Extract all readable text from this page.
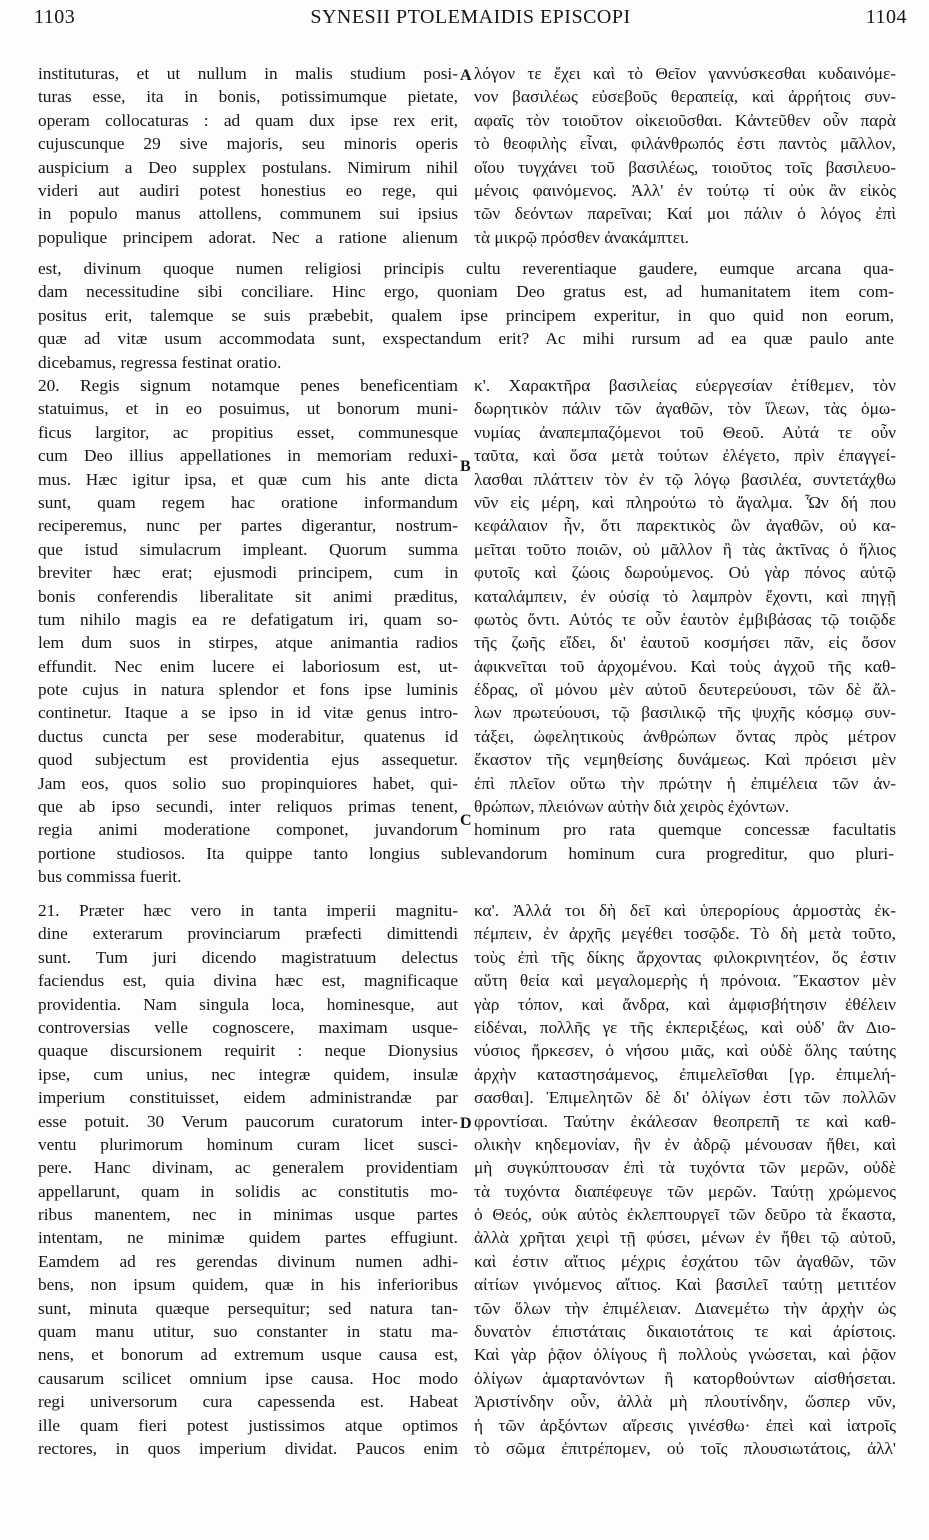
1103	SYNESII PTOLEMAIDIS EPISCOPI	1104
A
B
C
D
instituturas, et ut nullum in malis studium posi-
turas esse, ita in bonis, potissimumque pietate,
operam collocaturas : ad quam dux ipse rex erit,
cujuscunque 29 sive majoris, seu minoris operis
auspicium a Deo supplex postulans. Nimirum nihil
videri aut audiri potest honestius eo rege, qui
in populo manus attollens, communem sui ipsius
populique principem adorat. Nec a ratione alienum
λόγον τε ἔχει καὶ τὸ Θεῖον γαννύσκεσθαι κυδαινόμε-
νον βασιλέως εὐσεβοῦς θεραπείᾳ, καὶ ἀρρήτοις συν-
αφαῖς τὸν τοιοῦτον οἰκειοῦσθαι. Κἀντεῦθεν οὖν παρὰ
τὸ θεοφιλὴς εἶναι, φιλάνθρωπός ἐστι παντὸς μᾶλλον,
οἵου τυγχάνει τοῦ βασιλέως, τοιοῦτος τοῖς βασιλευο-
μένοις φαινόμενος. Ἀλλ' ἐν τούτῳ τί οὐκ ἂν εἰκὸς
τῶν δεόντων παρεῖναι; Καί μοι πάλιν ὁ λόγος ἐπὶ
τὰ μικρῷ πρόσθεν ἀνακάμπτει.
est, divinum quoque numen religiosi principis cultu reverentiaque gaudere, eumque arcana qua-
dam necessitudine sibi conciliare. Hinc ergo, quoniam Deo gratus est, ad humanitatem item com-
positus erit, talemque se suis præbebit, qualem ipse principem experitur, in quo quid non eorum,
quæ ad vitæ usum accommodata sunt, exspectandum erit? Ac mihi rursum ad ea quæ paulo ante
dicebamus, regressa festinat oratio.
20. Regis signum notamque penes beneficentiam
statuimus, et in eo posuimus, ut bonorum muni-
ficus largitor, ac propitius esset, communesque
cum Deo illius appellationes in memoriam reduxi-
mus. Hæc igitur ipsa, et quæ cum his ante dicta
sunt, quam regem hac oratione informandum
reciperemus, nunc per partes digerantur, nostrum-
que istud simulacrum impleant. Quorum summa
breviter hæc erat; ejusmodi principem, cum in
bonis conferendis liberalitate sit animi præditus,
tum nihilo magis ea re defatigatum iri, quam so-
lem dum suos in stirpes, atque animantia radios
effundit. Nec enim lucere ei laboriosum est, ut-
pote cujus in natura splendor et fons ipse luminis
continetur. Itaque a se ipso in id vitæ genus intro-
ductus cuncta per sese moderabitur, quatenus id
quod subjectum est providentia ejus assequetur.
Jam eos, quos solio suo propinquiores habet, qui-
que ab ipso secundi, inter reliquos primas tenent,
regia animi moderatione componet, juvandorum
κ'. Χαρακτῆρα βασιλείας εὐεργεσίαν ἐτίθεμεν, τὸν
δωρητικὸν πάλιν τῶν ἀγαθῶν, τὸν ἵλεων, τὰς ὁμω-
νυμίας ἀναπεμπαζόμενοι τοῦ Θεοῦ. Αὐτά τε οὖν
ταῦτα, καὶ ὅσα μετὰ τούτων ἐλέγετο, πρὶν ἐπαγγεί-
λασθαι πλάττειν τὸν ἐν τῷ λόγῳ βασιλέα, συντετάχθω
νῦν εἰς μέρη, καὶ πληρούτω τὸ ἄγαλμα. Ὧν δή που
κεφάλαιον ἦν, ὅτι παρεκτικὸς ὢν ἀγαθῶν, οὐ κα-
μεῖται τοῦτο ποιῶν, οὐ μᾶλλον ἢ τὰς ἀκτῖνας ὁ ἥλιος
φυτοῖς καὶ ζώοις δωρούμενος. Οὐ γὰρ πόνος αὐτῷ
καταλάμπειν, ἐν οὐσίᾳ τὸ λαμπρὸν ἔχοντι, καὶ πηγῇ
φωτὸς ὄντι. Αὐτός τε οὖν ἑαυτὸν ἐμβιβάσας τῷ τοιῷδε
τῆς ζωῆς εἴδει, δι' ἑαυτοῦ κοσμήσει πᾶν, εἰς ὅσον
ἀφικνεῖται τοῦ ἀρχομένου. Καὶ τοὺς ἀγχοῦ τῆς καθ-
έδρας, οἳ μόνου μὲν αὐτοῦ δευτερεύουσι, τῶν δὲ ἄλ-
λων πρωτεύουσι, τῷ βασιλικῷ τῆς ψυχῆς κόσμῳ συν-
τάξει, ὠφελητικοὺς ἀνθρώπων ὄντας πρὸς μέτρον
ἕκαστον τῆς νεμηθείσης δυνάμεως. Καὶ πρόεισι μὲν
ἐπὶ πλεῖον οὕτω τὴν πρώτην ἡ ἐπιμέλεια τῶν ἀν-
θρώπων, πλειόνων αὐτὴν διὰ χειρὸς ἐχόντων.
hominum pro rata quemque concessæ facultatis
portione studiosos. Ita quippe tanto longius sublevandorum hominum cura progreditur, quo pluri-
bus commissa fuerit.
21. Præter hæc vero in tanta imperii magnitu-
dine exterarum provinciarum præfecti dimittendi
sunt. Tum juri dicendo magistratuum delectus
faciendus est, quia divina hæc est, magnificaque
providentia. Nam singula loca, hominesque, aut
controversias velle cognoscere, maximam usque-
quaque discursionem requirit : neque Dionysius
ipse, cum unius, nec integræ quidem, insulæ
imperium constituisset, eidem administrandæ par
esse potuit. 30 Verum paucorum curatorum inter-
ventu plurimorum hominum curam licet susci-
pere. Hanc divinam, ac generalem providentiam
appellarunt, quam in solidis ac constitutis mo-
ribus manentem, nec in minimas usque partes
intentam, ne minimæ quidem partes effugiunt.
Eamdem ad res gerendas divinum numen adhi-
bens, non ipsum quidem, quæ in his inferioribus
sunt, minuta quæque persequitur; sed natura tan-
quam manu utitur, suo constanter in statu ma-
nens, et bonorum ad extremum usque causa est,
causarum scilicet omnium ipse causa. Hoc modo
regi universorum cura capessenda est. Habeat
ille quam fieri potest justissimos atque optimos
rectores, in quos imperium dividat. Paucos enim
κα'. Ἀλλά τοι δὴ δεῖ καὶ ὑπερορίους ἁρμοστὰς ἐκ-
πέμπειν, ἐν ἀρχῆς μεγέθει τοσῷδε. Τὸ δὴ μετὰ τοῦτο,
τοὺς ἐπὶ τῆς δίκης ἄρχοντας φιλοκρινητέον, ὅς ἐστιν
αὕτη θεία καὶ μεγαλομερὴς ἡ πρόνοια. Ἕκαστον μὲν
γὰρ τόπον, καὶ ἄνδρα, καὶ ἀμφισβήτησιν ἐθέλειν
εἰδέναι, πολλῆς γε τῆς ἐκπεριξέως, καὶ οὐδ' ἂν Διο-
νύσιος ἤρκεσεν, ὁ νήσου μιᾶς, καὶ οὐδὲ ὅλης ταύτης
ἀρχὴν καταστησάμενος, ἐπιμελεῖσθαι [γρ. ἐπιμελή-
σασθαι]. Ἐπιμελητῶν δὲ δι' ὀλίγων ἐστι τῶν πολλῶν
φροντίσαι. Ταύτην ἐκάλεσαν θεοπρεπῆ τε καὶ καθ-
ολικὴν κηδεμονίαν, ἣν ἐν ἀδρῷ μένουσαν ἤθει, καὶ
μὴ συγκύπτουσαν ἐπὶ τὰ τυχόντα τῶν μερῶν, οὐδὲ
τὰ τυχόντα διαπέφευγε τῶν μερῶν. Ταύτῃ χρώμενος
ὁ Θεός, οὐκ αὐτὸς ἐκλεπτουργεῖ τῶν δεῦρο τὰ ἕκαστα,
ἀλλὰ χρῆται χειρὶ τῇ φύσει, μένων ἐν ἤθει τῷ αὐτοῦ,
καὶ ἐστιν αἴτιος μέχρις ἐσχάτου τῶν ἀγαθῶν, τῶν
αἰτίων γινόμενος αἴτιος. Καὶ βασιλεῖ ταύτῃ μετιτέον
τῶν ὅλων τὴν ἐπιμέλειαν. Διανεμέτω τὴν ἀρχὴν ὡς
δυνατὸν ἐπιστάταις δικαιοτάτοις τε καὶ ἀρίστοις.
Καὶ γὰρ ῥᾷον ὀλίγους ἢ πολλοὺς γνώσεται, καὶ ῥᾷον
ὀλίγων ἁμαρτανόντων ἢ κατορθούντων αἰσθήσεται.
Ἀριστίνδην οὖν, ἀλλὰ μὴ πλουτίνδην, ὥσπερ νῦν,
ἡ τῶν ἀρξόντων αἵρεσις γινέσθω· ἐπεὶ καὶ ἰατροῖς
τὸ σῶμα ἐπιτρέπομεν, οὐ τοῖς πλουσιωτάτοις, ἀλλ'
